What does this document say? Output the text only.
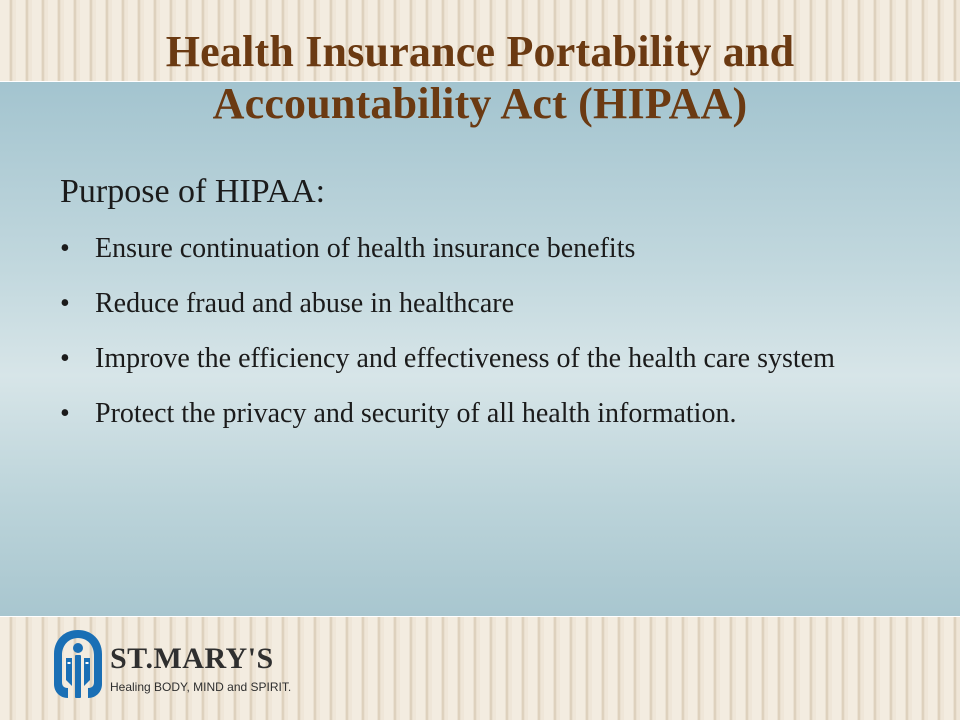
Health Insurance Portability and
Accountability Act (HIPAA)
Purpose of HIPAA:
• Ensure continuation of health insurance benefits
• Reduce fraud and abuse in healthcare
• Improve the efficiency and effectiveness of the health care system
• Protect the privacy and security of all health information.
ST.MARY'S
Healing BODY, MIND and SPIRIT.
